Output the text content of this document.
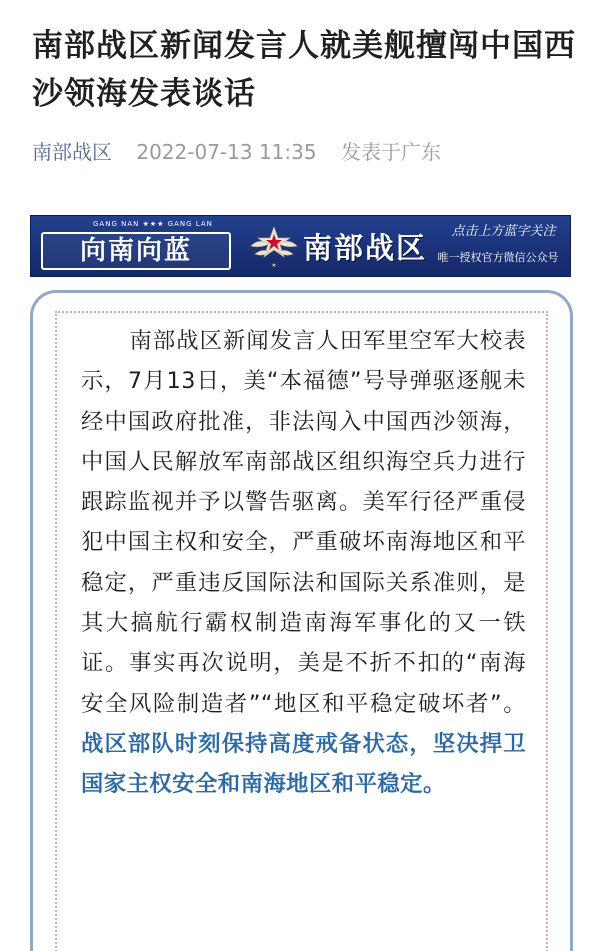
南部战区新闻发言人就美舰擅闯中国西沙领海发表谈话
南部战区 2022-07-13 11:35 发表于广东
GANG NAN ★★★ GANG LAN
向南向蓝	★
南部战区	点击上方蓝字关注
唯一授权官方微信公众号
南部战区新闻发言人田军里空军大校表示，7月13日，美“本福德”号导弹驱逐舰未经中国政府批准，非法闯入中国西沙领海，中国人民解放军南部战区组织海空兵力进行跟踪监视并予以警告驱离。美军行径严重侵犯中国主权和安全，严重破坏南海地区和平稳定，严重违反国际法和国际关系准则，是其大搞航行霸权制造南海军事化的又一铁证。事实再次说明，美是不折不扣的“南海安全风险制造者”“地区和平稳定破坏者”。战区部队时刻保持高度戒备状态，坚决捍卫国家主权安全和南海地区和平稳定。
